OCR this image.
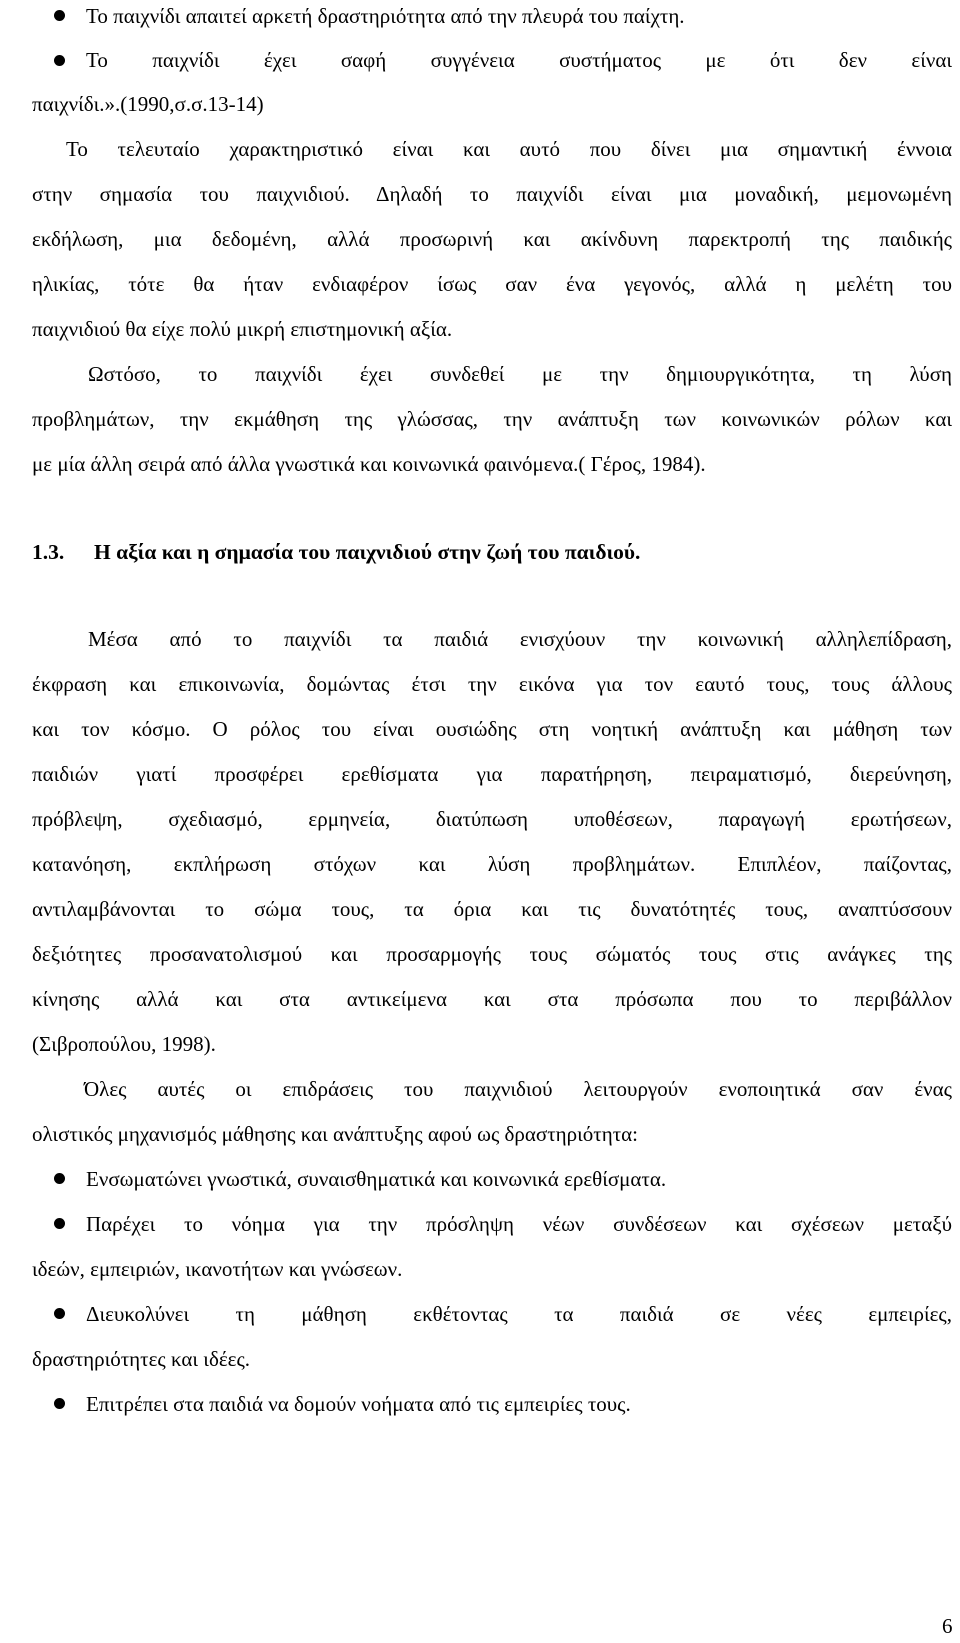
Το παιχνίδι απαιτεί αρκετή δραστηριότητα από την πλευρά του παίχτη.
Το παιχνίδι έχει σαφή συγγένεια συστήματος με ότι δεν είναι
παιχνίδι.».(1990,σ.σ.13-14)
Το τελευταίο χαρακτηριστικό είναι και αυτό που δίνει μια σημαντική έννοια
στην σημασία του παιχνιδιού. Δηλαδή το παιχνίδι είναι μια μοναδική, μεμονωμένη
εκδήλωση, μια δεδομένη, αλλά προσωρινή και ακίνδυνη παρεκτροπή της παιδικής
ηλικίας, τότε θα ήταν ενδιαφέρον ίσως σαν ένα γεγονός, αλλά η μελέτη του
παιχνιδιού θα είχε πολύ μικρή επιστημονική αξία.
Ωστόσο, το παιχνίδι έχει συνδεθεί με την δημιουργικότητα, τη λύση
προβλημάτων, την εκμάθηση της γλώσσας, την ανάπτυξη των κοινωνικών ρόλων και
με μία άλλη σειρά από άλλα γνωστικά και κοινωνικά φαινόμενα.( Γέρος, 1984).
1.3. Η αξία και η σημασία του παιχνιδιού στην ζωή του παιδιού.
Μέσα από το παιχνίδι τα παιδιά ενισχύουν την κοινωνική αλληλεπίδραση,
έκφραση και επικοινωνία, δομώντας έτσι την εικόνα για τον εαυτό τους, τους άλλους
και τον κόσμο. Ο ρόλος του είναι ουσιώδης στη νοητική ανάπτυξη και μάθηση των
παιδιών γιατί προσφέρει ερεθίσματα για παρατήρηση, πειραματισμό, διερεύνηση,
πρόβλεψη, σχεδιασμό, ερμηνεία, διατύπωση υποθέσεων, παραγωγή ερωτήσεων,
κατανόηση, εκπλήρωση στόχων και λύση προβλημάτων. Επιπλέον, παίζοντας,
αντιλαμβάνονται το σώμα τους, τα όρια και τις δυνατότητές τους, αναπτύσσουν
δεξιότητες προσανατολισμού και προσαρμογής τους σώματός τους στις ανάγκες της
κίνησης αλλά και στα αντικείμενα και στα πρόσωπα που το περιβάλλον
(Σιβροπούλου, 1998).
Όλες αυτές οι επιδράσεις του παιχνιδιού λειτουργούν ενοποιητικά σαν ένας
ολιστικός μηχανισμός μάθησης και ανάπτυξης αφού ως δραστηριότητα:
Ενσωματώνει γνωστικά, συναισθηματικά και κοινωνικά ερεθίσματα.
Παρέχει το νόημα για την πρόσληψη νέων συνδέσεων και σχέσεων μεταξύ
ιδεών, εμπειριών, ικανοτήτων και γνώσεων.
Διευκολύνει τη μάθηση εκθέτοντας τα παιδιά σε νέες εμπειρίες,
δραστηριότητες και ιδέες.
Επιτρέπει στα παιδιά να δομούν νοήματα από τις εμπειρίες τους.
6
